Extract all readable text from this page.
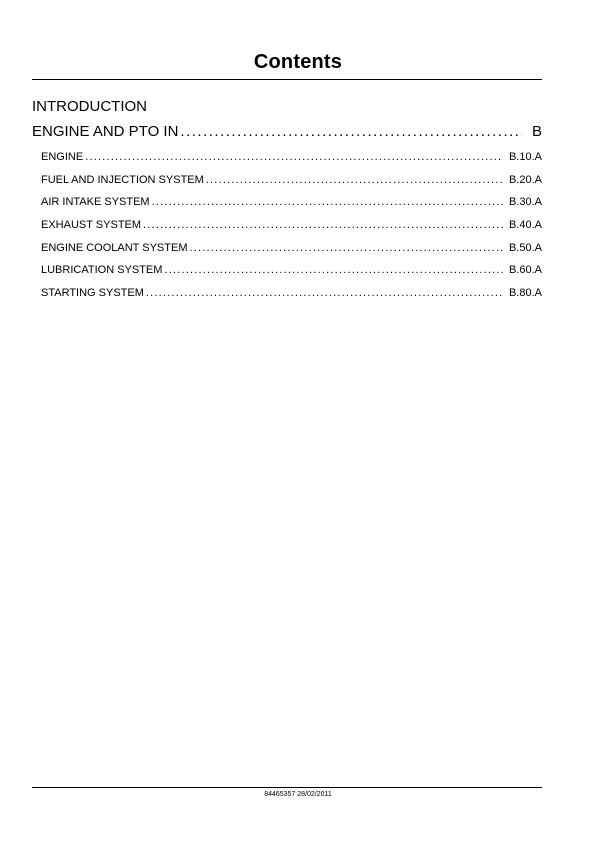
Contents
INTRODUCTION
ENGINE AND PTO IN .....	B
ENGINE .....	B.10.A
FUEL AND INJECTION SYSTEM .....	B.20.A
AIR INTAKE SYSTEM .....	B.30.A
EXHAUST SYSTEM .....	B.40.A
ENGINE COOLANT SYSTEM .....	B.50.A
LUBRICATION SYSTEM .....	B.60.A
STARTING SYSTEM .....	B.80.A
84465357 28/02/2011
